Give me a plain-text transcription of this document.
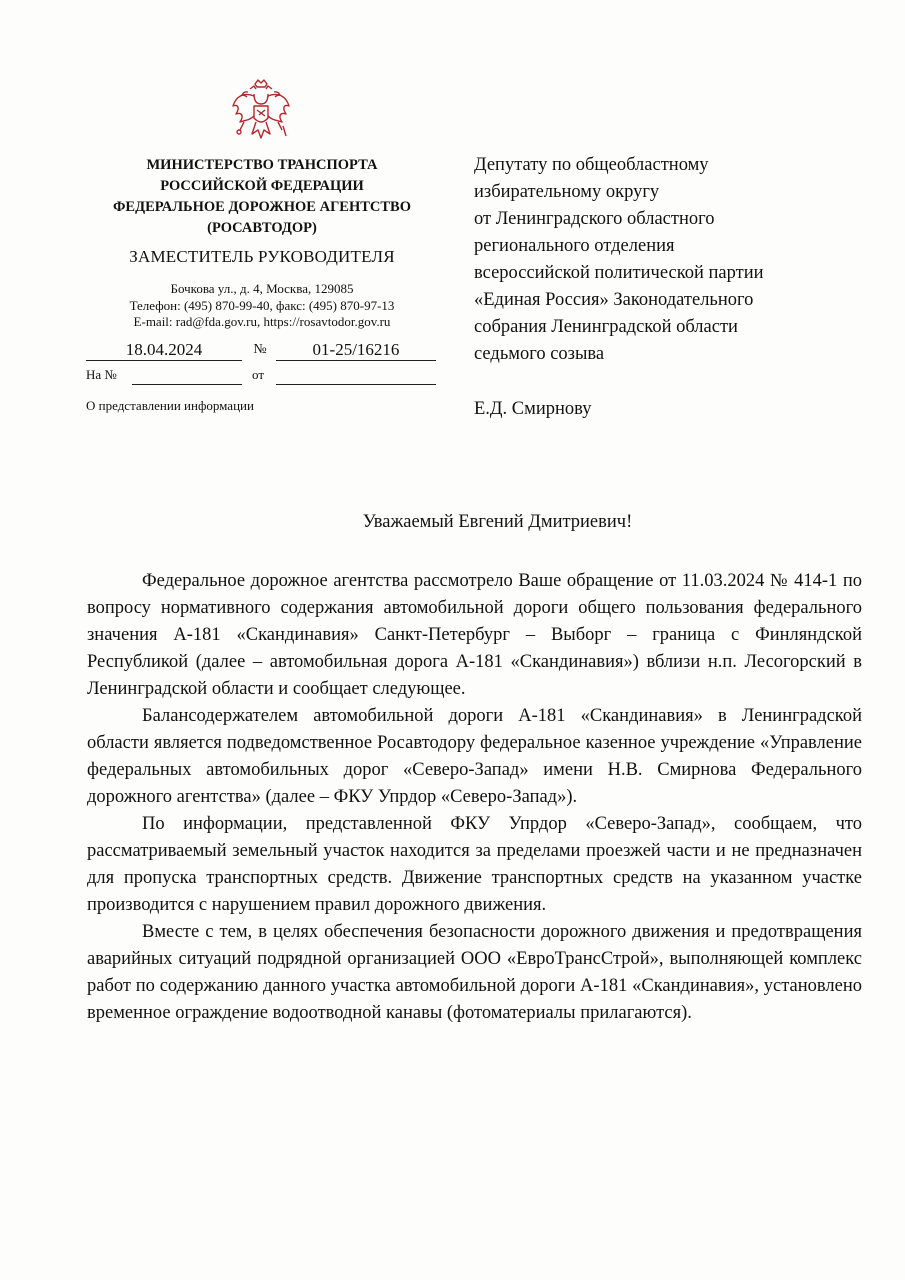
МИНИСТЕРСТВО ТРАНСПОРТА
РОССИЙСКОЙ ФЕДЕРАЦИИ
ФЕДЕРАЛЬНОЕ ДОРОЖНОЕ АГЕНТСТВО
(РОСАВТОДОР)
ЗАМЕСТИТЕЛЬ РУКОВОДИТЕЛЯ
Бочкова ул., д. 4, Москва, 129085
Телефон: (495) 870-99-40, факс: (495) 870-97-13
E-mail: rad@fda.gov.ru, https://rosavtodor.gov.ru
18.04.2024	№	01-25/16216
На №	от
О представлении информации
Депутату по общеобластному
избирательному округу
от Ленинградского областного
регионального отделения
всероссийской политической партии
«Единая Россия» Законодательного
собрания Ленинградской области
седьмого созыва
Е.Д. Смирнову
Уважаемый Евгений Дмитриевич!

Федеральное дорожное агентства рассмотрело Ваше обращение от 11.03.2024 № 414-1 по вопросу нормативного содержания автомобильной дороги общего пользования федерального значения А-181 «Скандинавия» Санкт-Петербург – Выборг – граница с Финляндской Республикой (далее – автомобильная дорога А-181 «Скандинавия») вблизи н.п. Лесогорский в Ленинградской области и сообщает следующее.

Балансодержателем автомобильной дороги А-181 «Скандинавия» в Ленинградской области является подведомственное Росавтодору федеральное казенное учреждение «Управление федеральных автомобильных дорог «Северо-Запад» имени Н.В. Смирнова Федерального дорожного агентства» (далее – ФКУ Упрдор «Северо-Запад»).

По информации, представленной ФКУ Упрдор «Северо-Запад», сообщаем, что рассматриваемый земельный участок находится за пределами проезжей части и не предназначен для пропуска транспортных средств. Движение транспортных средств на указанном участке производится с нарушением правил дорожного движения.

Вместе с тем, в целях обеспечения безопасности дорожного движения и предотвращения аварийных ситуаций подрядной организацией ООО «ЕвроТрансСтрой», выполняющей комплекс работ по содержанию данного участка автомобильной дороги А-181 «Скандинавия», установлено временное ограждение водоотводной канавы (фотоматериалы прилагаются).
